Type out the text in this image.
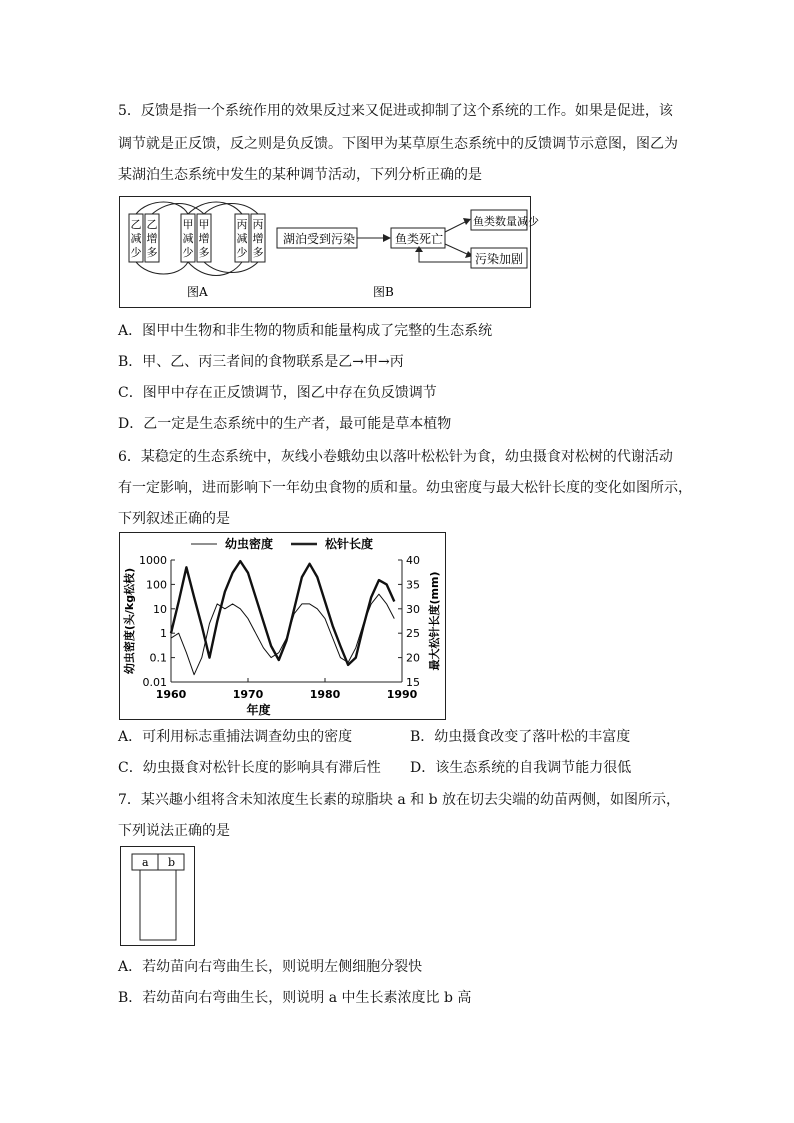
5．反馈是指一个系统作用的效果反过来又促进或抑制了这个系统的工作。如果是促进，该
调节就是正反馈，反之则是负反馈。下图甲为某草原生态系统中的反馈调节示意图，图乙为
某湖泊生态系统中发生的某种调节活动，下列分析正确的是
乙
减
少
乙
增
多
甲
减
少
甲
增
多
丙
减
少
丙
增
多
图A
湖泊受到污染	鱼类死亡
鱼类数量减少
污染加剧
图B
A．图甲中生物和非生物的物质和能量构成了完整的生态系统
B．甲、乙、丙三者间的食物联系是乙→甲→丙
C．图甲中存在正反馈调节，图乙中存在负反馈调节
D．乙一定是生态系统中的生产者，最可能是草本植物
6．某稳定的生态系统中，灰线小卷蛾幼虫以落叶松松针为食，幼虫摄食对松树的代谢活动
有一定影响，进而影响下一年幼虫食物的质和量。幼虫密度与最大松针长度的变化如图所示，
下列叙述正确的是
1000
100
10
1
0.1
0.01
40
35
30
25
20
15
1960	1970	1980	1990
年度
幼虫密度(头/kg松枝)	最大松针长度(mm)
幼虫密度	松针长度
A．可利用标志重捕法调查幼虫的密度	B．幼虫摄食改变了落叶松的丰富度
C．幼虫摄食对松针长度的影响具有滞后性 D．该生态系统的自我调节能力很低
7．某兴趣小组将含未知浓度生长素的琼脂块 a 和 b 放在切去尖端的幼苗两侧，如图所示，
下列说法正确的是
a b
A．若幼苗向右弯曲生长，则说明左侧细胞分裂快
B．若幼苗向右弯曲生长，则说明 a 中生长素浓度比 b 高
